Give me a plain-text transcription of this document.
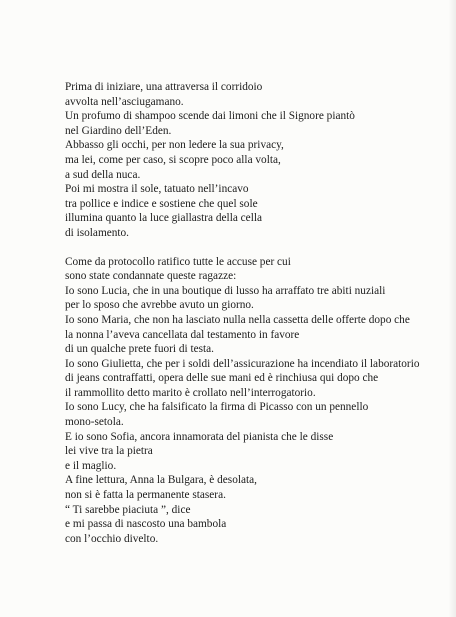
Prima di iniziare, una attraversa il corridoio
avvolta nell’asciugamano.
Un profumo di shampoo scende dai limoni che il Signore piantò
nel Giardino dell’Eden.
Abbasso gli occhi, per non ledere la sua privacy,
ma lei, come per caso, si scopre poco alla volta,
a sud della nuca.
Poi mi mostra il sole, tatuato nell’incavo
tra pollice e indice e sostiene che quel sole
illumina quanto la luce giallastra della cella
di isolamento.
Come da protocollo ratifico tutte le accuse per cui
sono state condannate queste ragazze:
Io sono Lucia, che in una boutique di lusso ha arraffato tre abiti nuziali
per lo sposo che avrebbe avuto un giorno.
Io sono Maria, che non ha lasciato nulla nella cassetta delle offerte dopo che
la nonna l’aveva cancellata dal testamento in favore
di un qualche prete fuori di testa.
Io sono Giulietta, che per i soldi dell’assicurazione ha incendiato il laboratorio
di jeans contraffatti, opera delle sue mani ed è rinchiusa qui dopo che
il rammollito detto marito è crollato nell’interrogatorio.
Io sono Lucy, che ha falsificato la firma di Picasso con un pennello
mono-setola.
E io sono Sofia, ancora innamorata del pianista che le disse
lei vive tra la pietra
e il maglio.
A fine lettura, Anna la Bulgara, è desolata,
non si è fatta la permanente stasera.
“ Ti sarebbe piaciuta ”, dice
e mi passa di nascosto una bambola
con l’occhio divelto.
